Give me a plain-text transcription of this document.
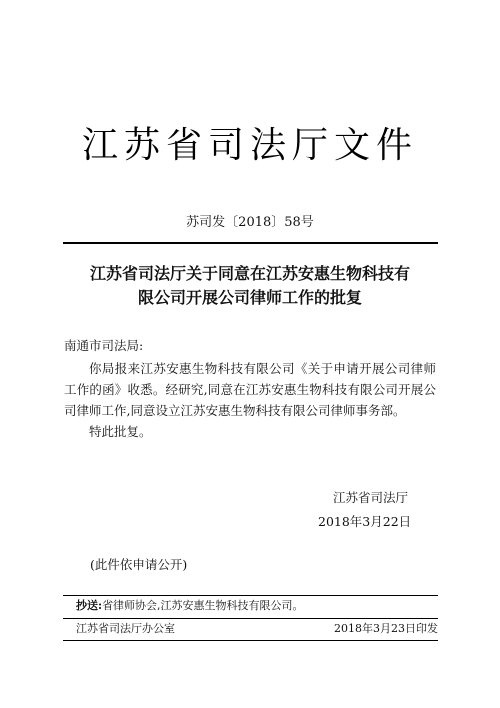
江苏省司法厅文件
苏司发〔2018〕58号
江苏省司法厅关于同意在江苏安惠生物科技有
限公司开展公司律师工作的批复
南通市司法局:

你局报来江苏安惠生物科技有限公司《关于申请开展公司律师工作的函》收悉。经研究,同意在江苏安惠生物科技有限公司开展公司律师工作,同意设立江苏安惠生物科技有限公司律师事务部。

特此批复。

江苏省司法厅
2018年3月22日
(此件依申请公开)
抄送:省律师协会,江苏安惠生物科技有限公司。
江苏省司法厅办公室	2018年3月23日印发
